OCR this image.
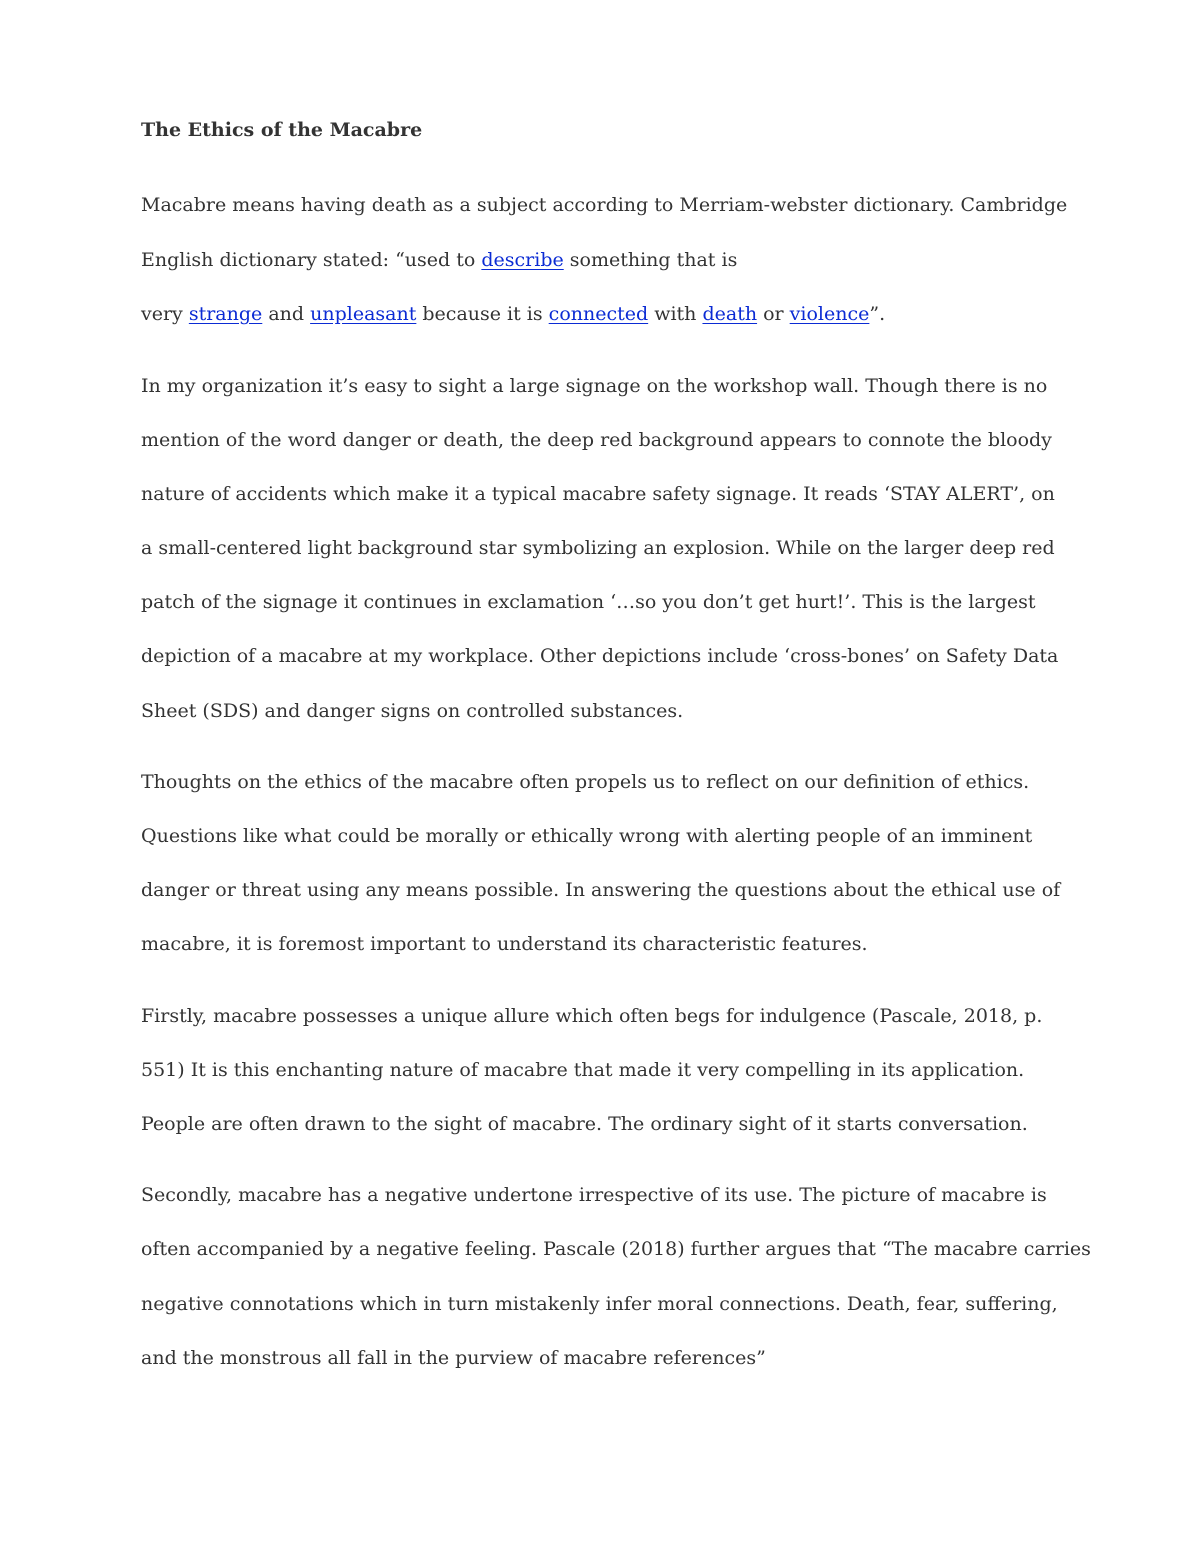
The Ethics of the Macabre
Macabre means having death as a subject according to Merriam-webster dictionary. Cambridge
English dictionary stated: “used to describe something that is
very strange and unpleasant because it is connected with death or violence”.
In my organization it’s easy to sight a large signage on the workshop wall. Though there is no
mention of the word danger or death, the deep red background appears to connote the bloody
nature of accidents which make it a typical macabre safety signage. It reads ‘STAY ALERT’, on
a small-centered light background star symbolizing an explosion. While on the larger deep red
patch of the signage it continues in exclamation ‘…so you don’t get hurt!’. This is the largest
depiction of a macabre at my workplace. Other depictions include ‘cross-bones’ on Safety Data
Sheet (SDS) and danger signs on controlled substances.
Thoughts on the ethics of the macabre often propels us to reflect on our definition of ethics.
Questions like what could be morally or ethically wrong with alerting people of an imminent
danger or threat using any means possible. In answering the questions about the ethical use of
macabre, it is foremost important to understand its characteristic features.
Firstly, macabre possesses a unique allure which often begs for indulgence (Pascale, 2018, p.
551) It is this enchanting nature of macabre that made it very compelling in its application.
People are often drawn to the sight of macabre. The ordinary sight of it starts conversation.
Secondly, macabre has a negative undertone irrespective of its use. The picture of macabre is
often accompanied by a negative feeling. Pascale (2018) further argues that “The macabre carries
negative connotations which in turn mistakenly infer moral connections. Death, fear, suffering,
and the monstrous all fall in the purview of macabre references”
